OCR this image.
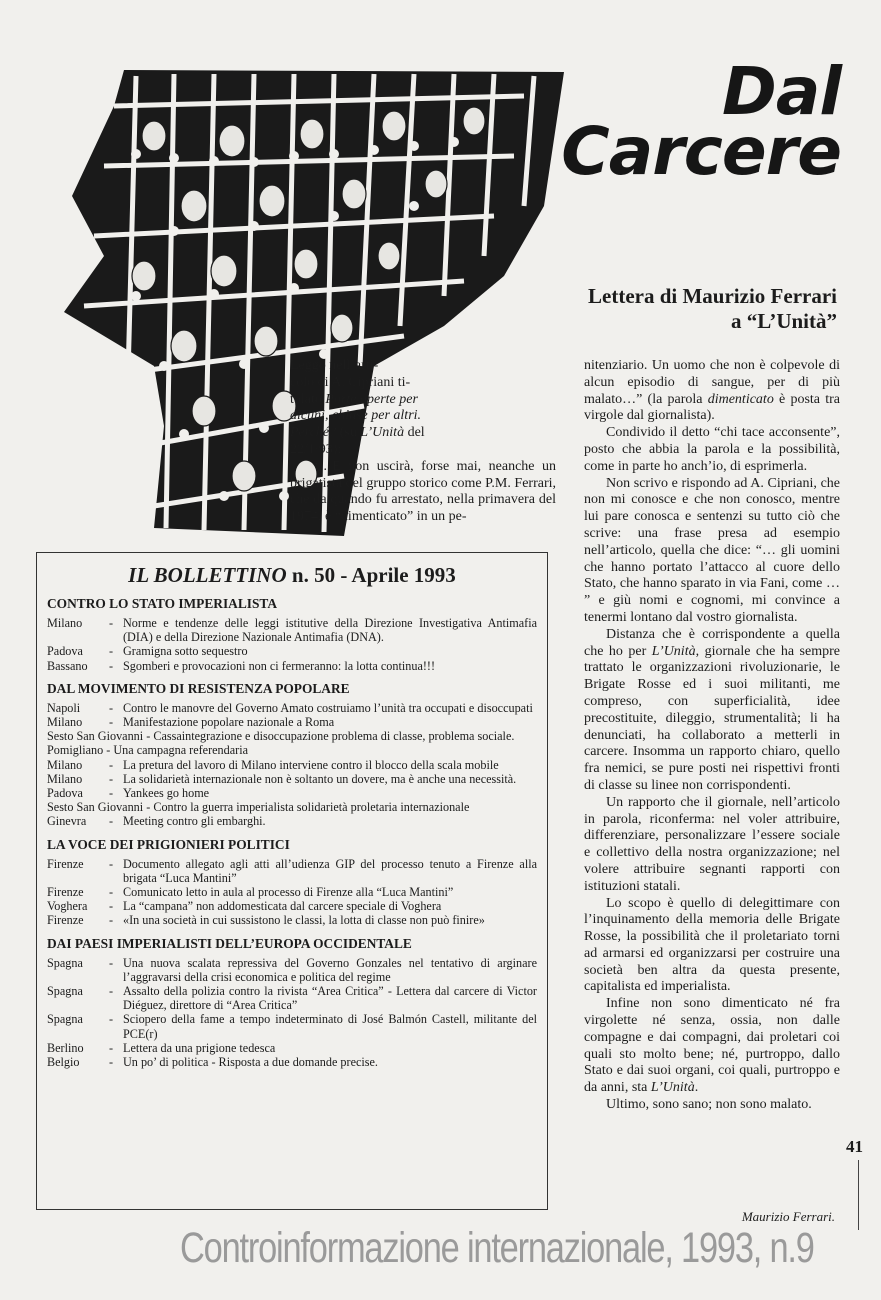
Dal
Carcere
Lettera di Maurizio Ferrari
a “L’Unità”

Leggo nell’arti-

colo di A. Cipriani ti-

tolato Porte aperte per

alcuni, chiuse per altri.

Perché? (su L’Unità del

22/1/93):

“…E non uscirà, forse mai, neanche un brigatista del gruppo storico come P.M. Ferrari, che da quando fu arrestato, nella primavera del 1974, è “dimenticato” in un pe-

nitenziario. Un uomo che non è colpevole di alcun episodio di sangue, per di più malato…” (la parola dimenticato è posta tra virgole dal giornalista).

Condivido il detto “chi tace acconsente”, posto che abbia la parola e la possibilità, come in parte ho anch’io, di esprimerla.

Non scrivo e rispondo ad A. Cipriani, che non mi conosce e che non conosco, mentre lui pare conosca e sentenzi su tutto ciò che scrive: una frase presa ad esempio nell’articolo, quella che dice: “… gli uomini che hanno portato l’attacco al cuore dello Stato, che hanno sparato in via Fani, come … ” e giù nomi e cognomi, mi convince a tenermi lontano dal vostro giornalista.

Distanza che è corrispondente a quella che ho per L’Unità, giornale che ha sempre trattato le organizzazioni rivoluzionarie, le Brigate Rosse ed i suoi militanti, me compreso, con superficialità, idee precostituite, dileggio, strumentalità; li ha denunciati, ha collaborato a metterli in carcere. Insomma un rapporto chiaro, quello fra nemici, se pure posti nei rispettivi fronti di classe su linee non corrispondenti.

Un rapporto che il giornale, nell’articolo in parola, riconferma: nel voler attribuire, differenziare, personalizzare l’essere sociale e collettivo della nostra organizzazione; nel volere attribuire segnanti rapporti con istituzioni statali.

Lo scopo è quello di delegittimare con l’inquinamento della memoria delle Brigate Rosse, la possibilità che il proletariato torni ad armarsi ed organizzarsi per costruire una società ben altra da questa presente, capitalista ed imperialista.

Infine non sono dimenticato né fra virgolette né senza, ossia, non dalle compagne e dai compagni, dai proletari coi quali sto molto bene; né, purtroppo, dallo Stato e dai suoi organi, coi quali, purtroppo e da anni, sta L’Unità.

Ultimo, sono sano; non sono malato.

IL BOLLETTINO n. 50 - Aprile 1993
CONTRO LO STATO IMPERIALISTA
Milano	- Norme e tendenze delle leggi istitutive della Direzione Investigativa Antimafia (DIA) e della Direzione Nazionale Antimafia (DNA).
Padova	- Gramigna sotto sequestro
Bassano	- Sgomberi e provocazioni non ci fermeranno: la lotta continua!!!
DAL MOVIMENTO DI RESISTENZA POPOLARE
Napoli	- Contro le manovre del Governo Amato costruiamo l’unità tra occupati e disoccupati
Milano	- Manifestazione popolare nazionale a Roma
Sesto San Giovanni - Cassaintegrazione e disoccupazione problema di classe, problema sociale.
Pomigliano - Una campagna referendaria
Milano	- La pretura del lavoro di Milano interviene contro il blocco della scala mobile
Milano	- La solidarietà internazionale non è soltanto un dovere, ma è anche una necessità.
Padova	- Yankees go home
Sesto San Giovanni - Contro la guerra imperialista solidarietà proletaria internazionale
Ginevra	- Meeting contro gli embarghi.
LA VOCE DEI PRIGIONIERI POLITICI
Firenze	- Documento allegato agli atti all’udienza GIP del processo tenuto a Firenze alla brigata “Luca Mantini”
Firenze	- Comunicato letto in aula al processo di Firenze alla “Luca Mantini”
Voghera	- La “campana” non addomesticata dal carcere speciale di Voghera
Firenze	- «In una società in cui sussistono le classi, la lotta di classe non può finire»
DAI PAESI IMPERIALISTI DELL’EUROPA OCCIDENTALE
Spagna	- Una nuova scalata repressiva del Governo Gonzales nel tentativo di arginare l’aggravarsi della crisi economica e politica del regime
Spagna	- Assalto della polizia contro la rivista “Area Critica” - Lettera dal carcere di Victor Diéguez, direttore di “Area Critica”
Spagna	- Sciopero della fame a tempo indeterminato di José Balmón Castell, militante del PCE(r)
Berlino	- Lettera da una prigione tedesca
Belgio	- Un po’ di politica - Risposta a due domande precise.
41
Maurizio Ferrari.
Controinformazione internazionale, 1993, n.9
